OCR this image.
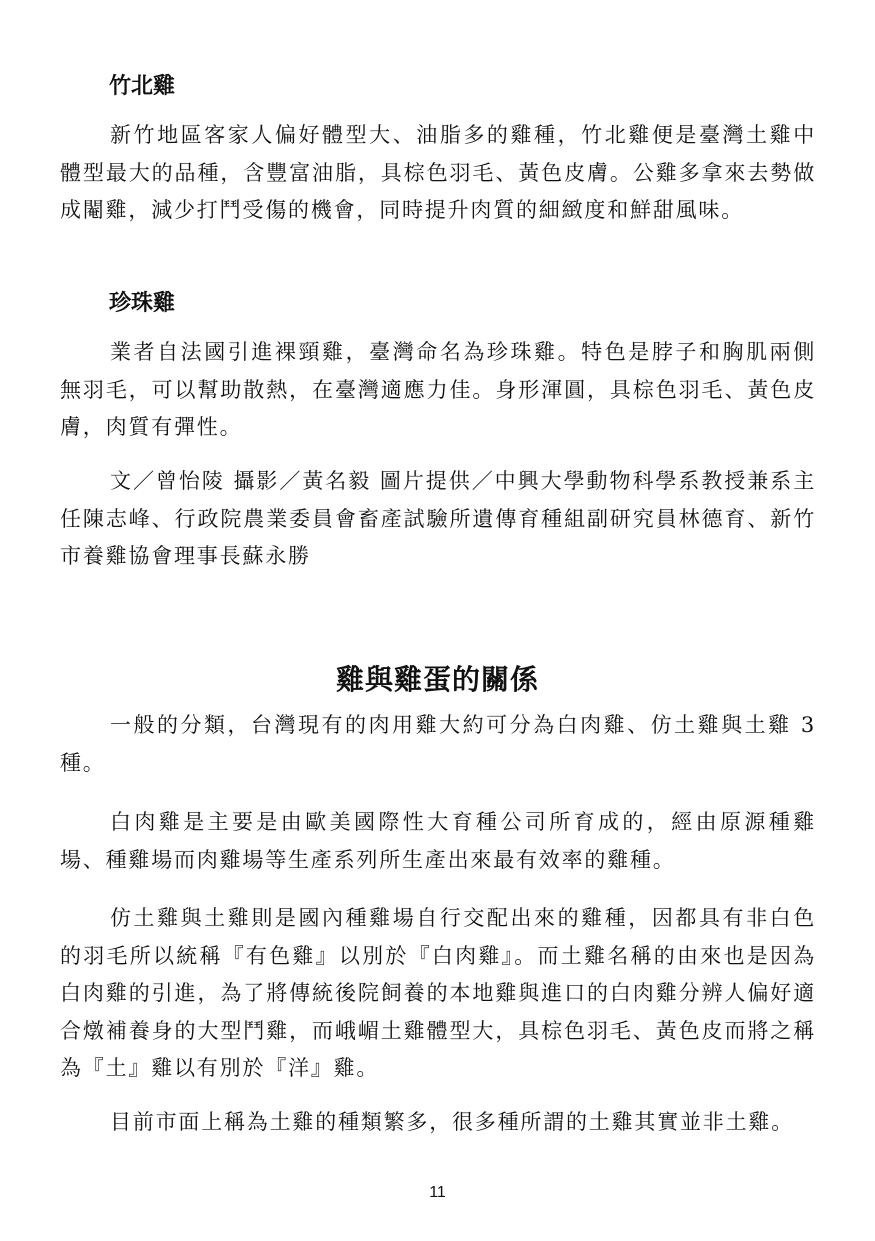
竹北雞

新竹地區客家人偏好體型大、油脂多的雞種，竹北雞便是臺灣土雞中體型最大的品種，含豐富油脂，具棕色羽毛、黃色皮膚。公雞多拿來去勢做成閹雞，減少打鬥受傷的機會，同時提升肉質的細緻度和鮮甜風味。

珍珠雞

業者自法國引進裸頸雞，臺灣命名為珍珠雞。特色是脖子和胸肌兩側無羽毛，可以幫助散熱，在臺灣適應力佳。身形渾圓，具棕色羽毛、黃色皮膚，肉質有彈性。

文／曾怡陵 攝影／黃名毅 圖片提供／中興大學動物科學系教授兼系主任陳志峰、行政院農業委員會畜產試驗所遺傳育種組副研究員林德育、新竹市養雞協會理事長蘇永勝

雞與雞蛋的關係

一般的分類，台灣現有的肉用雞大約可分為白肉雞、仿土雞與土雞 3 種。

白肉雞是主要是由歐美國際性大育種公司所育成的，經由原源種雞場、種雞場而肉雞場等生產系列所生產出來最有效率的雞種。

仿土雞與土雞則是國內種雞場自行交配出來的雞種，因都具有非白色的羽毛所以統稱『有色雞』以別於『白肉雞』。而土雞名稱的由來也是因為白肉雞的引進，為了將傳統後院飼養的本地雞與進口的白肉雞分辨人偏好適合燉補養身的大型鬥雞，而峨嵋土雞體型大，具棕色羽毛、黃色皮而將之稱為『土』雞以有別於『洋』雞。

目前市面上稱為土雞的種類繁多，很多種所謂的土雞其實並非土雞。

11
